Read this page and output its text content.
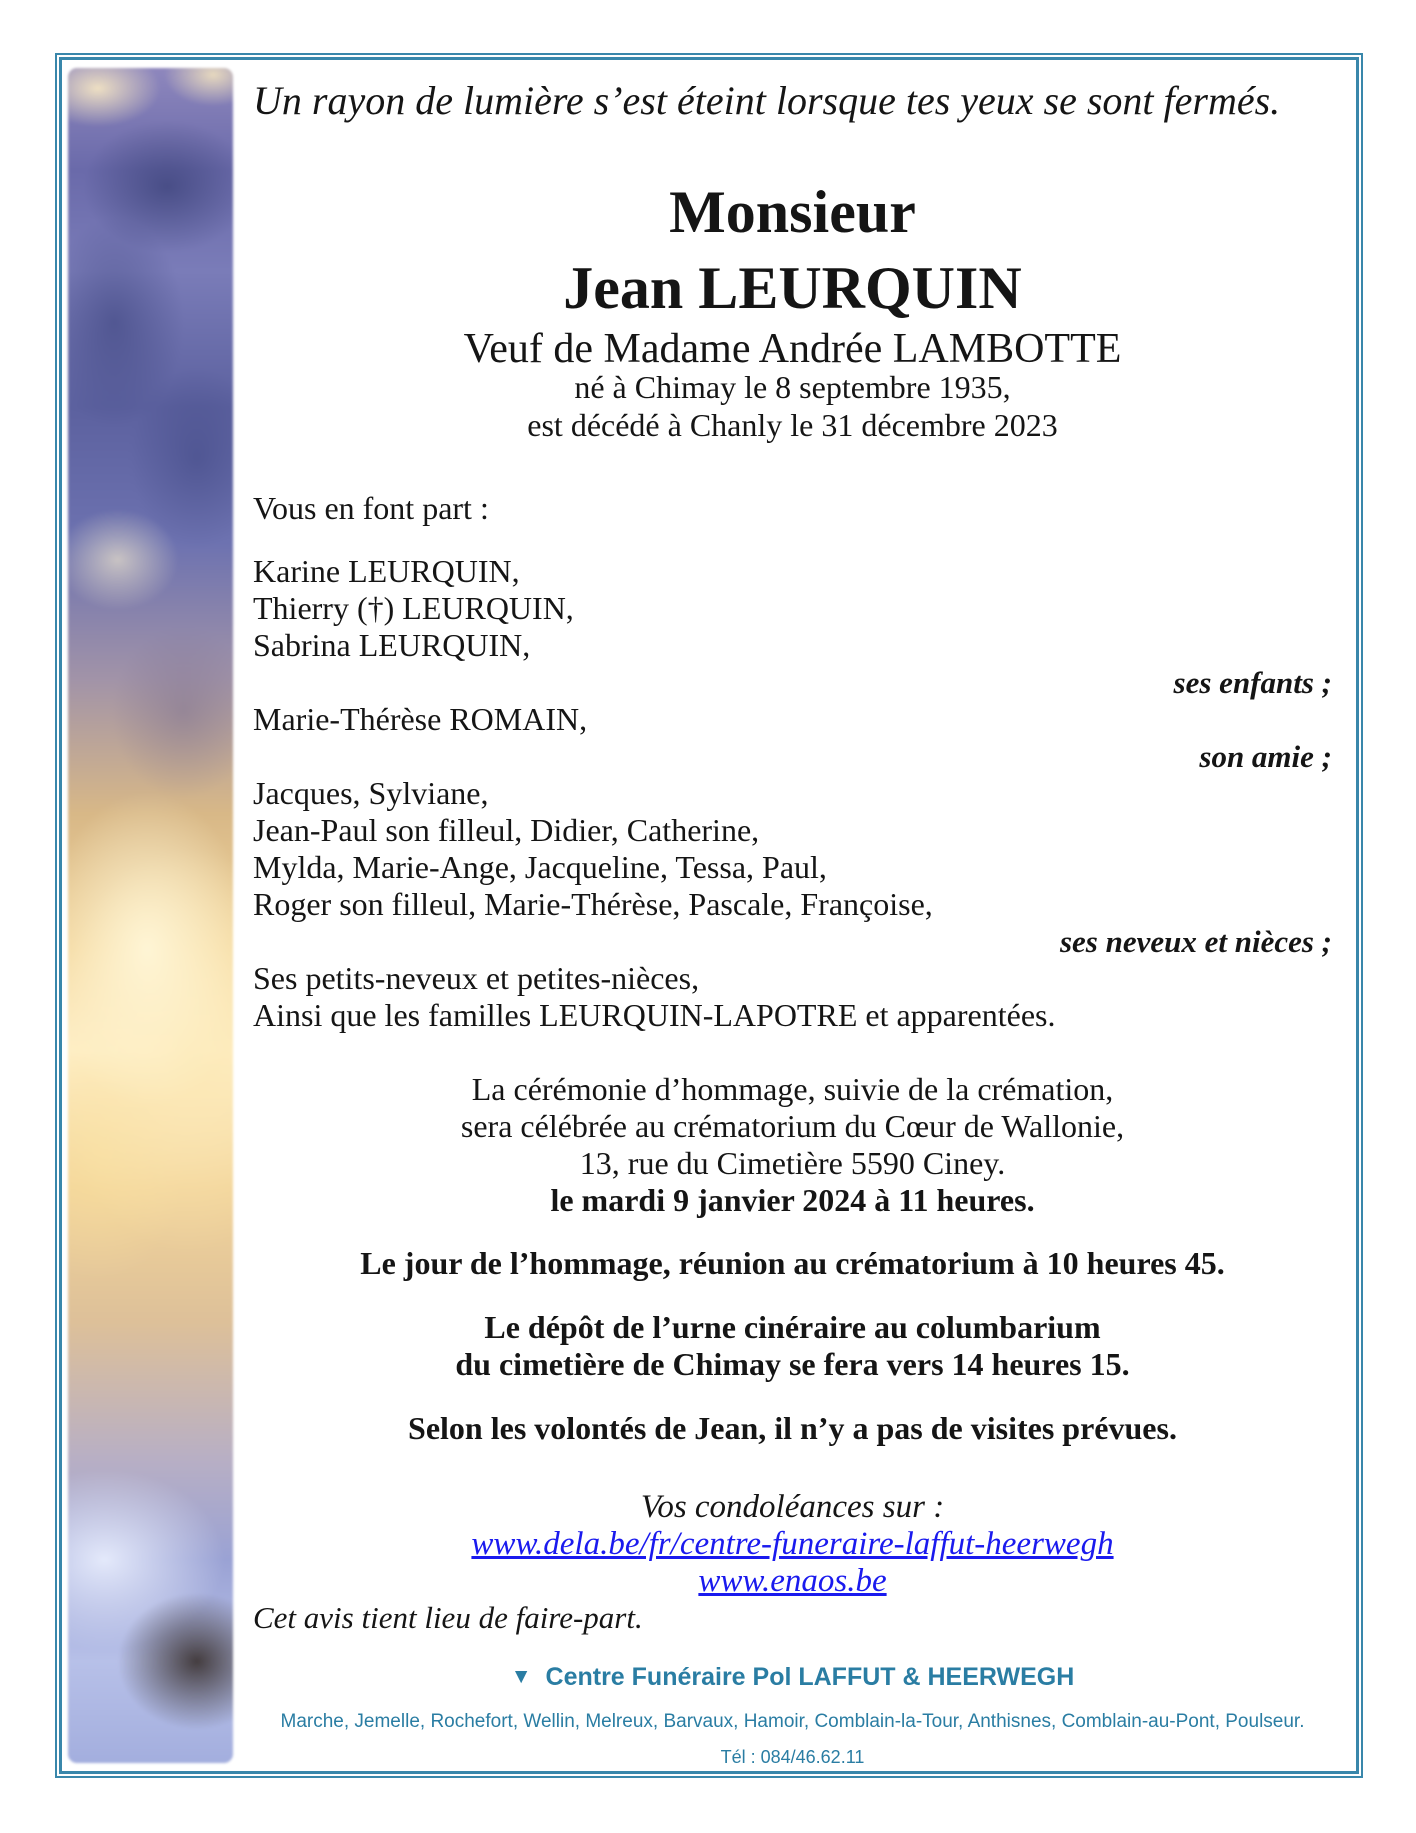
Un rayon de lumière s’est éteint lorsque tes yeux se sont fermés.
Monsieur
Jean LEURQUIN
Veuf de Madame Andrée LAMBOTTE
né à Chimay le 8 septembre 1935,
est décédé à Chanly le 31 décembre 2023
Vous en font part :
Karine LEURQUIN,
Thierry (†) LEURQUIN,
Sabrina LEURQUIN,
ses enfants ;
Marie-Thérèse ROMAIN,
son amie ;
Jacques, Sylviane,
Jean-Paul son filleul, Didier, Catherine,
Mylda, Marie-Ange, Jacqueline, Tessa, Paul,
Roger son filleul, Marie-Thérèse, Pascale, Françoise,
ses neveux et nièces ;
Ses petits-neveux et petites-nièces,
Ainsi que les familles LEURQUIN-LAPOTRE et apparentées.
La cérémonie d’hommage, suivie de la crémation,
sera célébrée au crématorium du Cœur de Wallonie,
13, rue du Cimetière 5590 Ciney.
le mardi 9 janvier 2024 à 11 heures.
Le jour de l’hommage, réunion au crématorium à 10 heures 45.
Le dépôt de l’urne cinéraire au columbarium
du cimetière de Chimay se fera vers 14 heures 15.
Selon les volontés de Jean, il n’y a pas de visites prévues.
Vos condoléances sur :
www.dela.be/fr/centre-funeraire-laffut-heerwegh
www.enaos.be
Cet avis tient lieu de faire-part.
▼ Centre Funéraire Pol LAFFUT & HEERWEGH
Marche, Jemelle, Rochefort, Wellin, Melreux, Barvaux, Hamoir, Comblain-la-Tour, Anthisnes, Comblain-au-Pont, Poulseur.
Tél : 084/46.62.11
